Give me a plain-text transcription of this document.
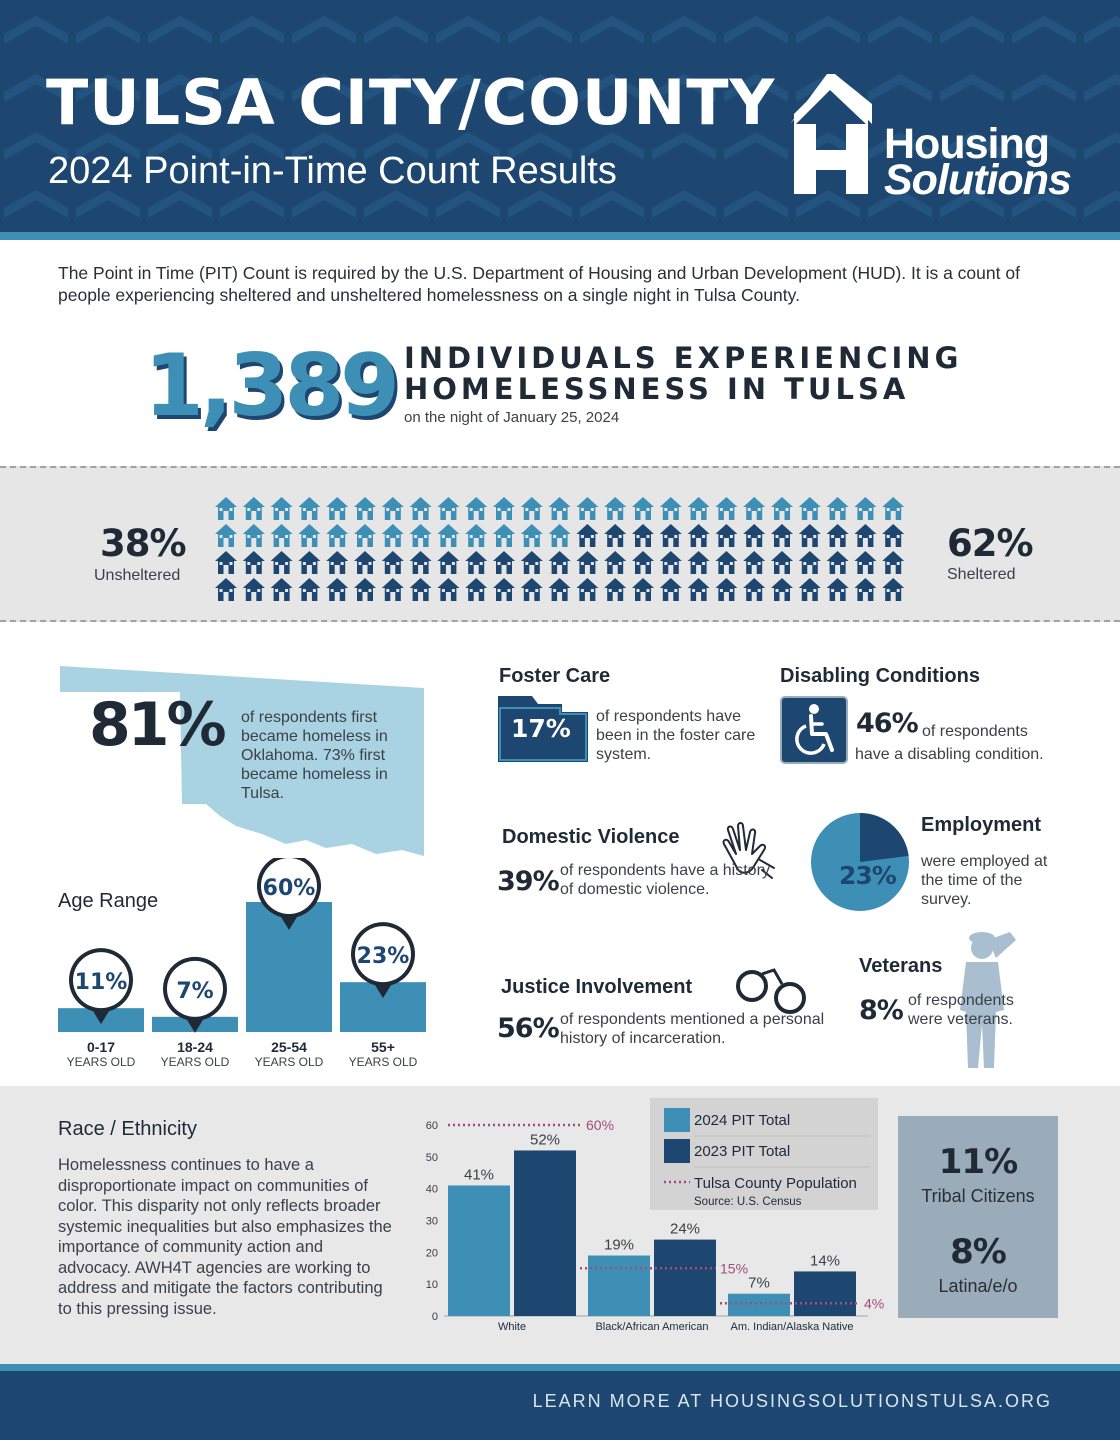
TULSA CITY/COUNTY
2024 Point-in-Time Count Results
Housing
Solutions
The Point in Time (PIT) Count is required by the U.S. Department of Housing and Urban Development (HUD). It is a count of people experiencing sheltered and unsheltered homelessness on a single night in Tulsa County.
1,389 INDIVIDUALS EXPERIENCING
HOMELESSNESS IN TULSA
on the night of January 25, 2024
38%
Unsheltered
62%
Sheltered
81% of respondents first became homeless in Oklahoma. 73% first became homeless in Tulsa.
Age Range
11%
0-17
YEARS OLD
7%
18-24
YEARS OLD
60%
25-54
YEARS OLD
23%
55+
YEARS OLD
Foster Care
17% of respondents have been in the foster care system.
Disabling Conditions
46% of respondents
have a disabling condition.
Domestic Violence
39% of respondents have a history of domestic violence.	23%
Employment
were employed at the time of the survey.
Justice Involvement
56% of respondents mentioned a personal history of incarceration.
Veterans
8% of respondents were veterans.
Race / Ethnicity
Homelessness continues to have a disproportionate impact on communities of color. This disparity not only reflects broader systemic inequalities but also emphasizes the importance of community action and advocacy. AWH4T agencies are working to address and mitigate the factors contributing to this pressing issue.	0
10
20
30
40
50
60
41%
52%
White
60%
19%
24%
Black/African American
15%
7%
14%
Am. Indian/Alaska Native
4%
2024 PIT Total
2023 PIT Total
Tulsa County Population
Source: U.S. Census
11%
Tribal Citizens
8%
Latina/e/o
LEARN MORE AT HOUSINGSOLUTIONSTULSA.ORG
